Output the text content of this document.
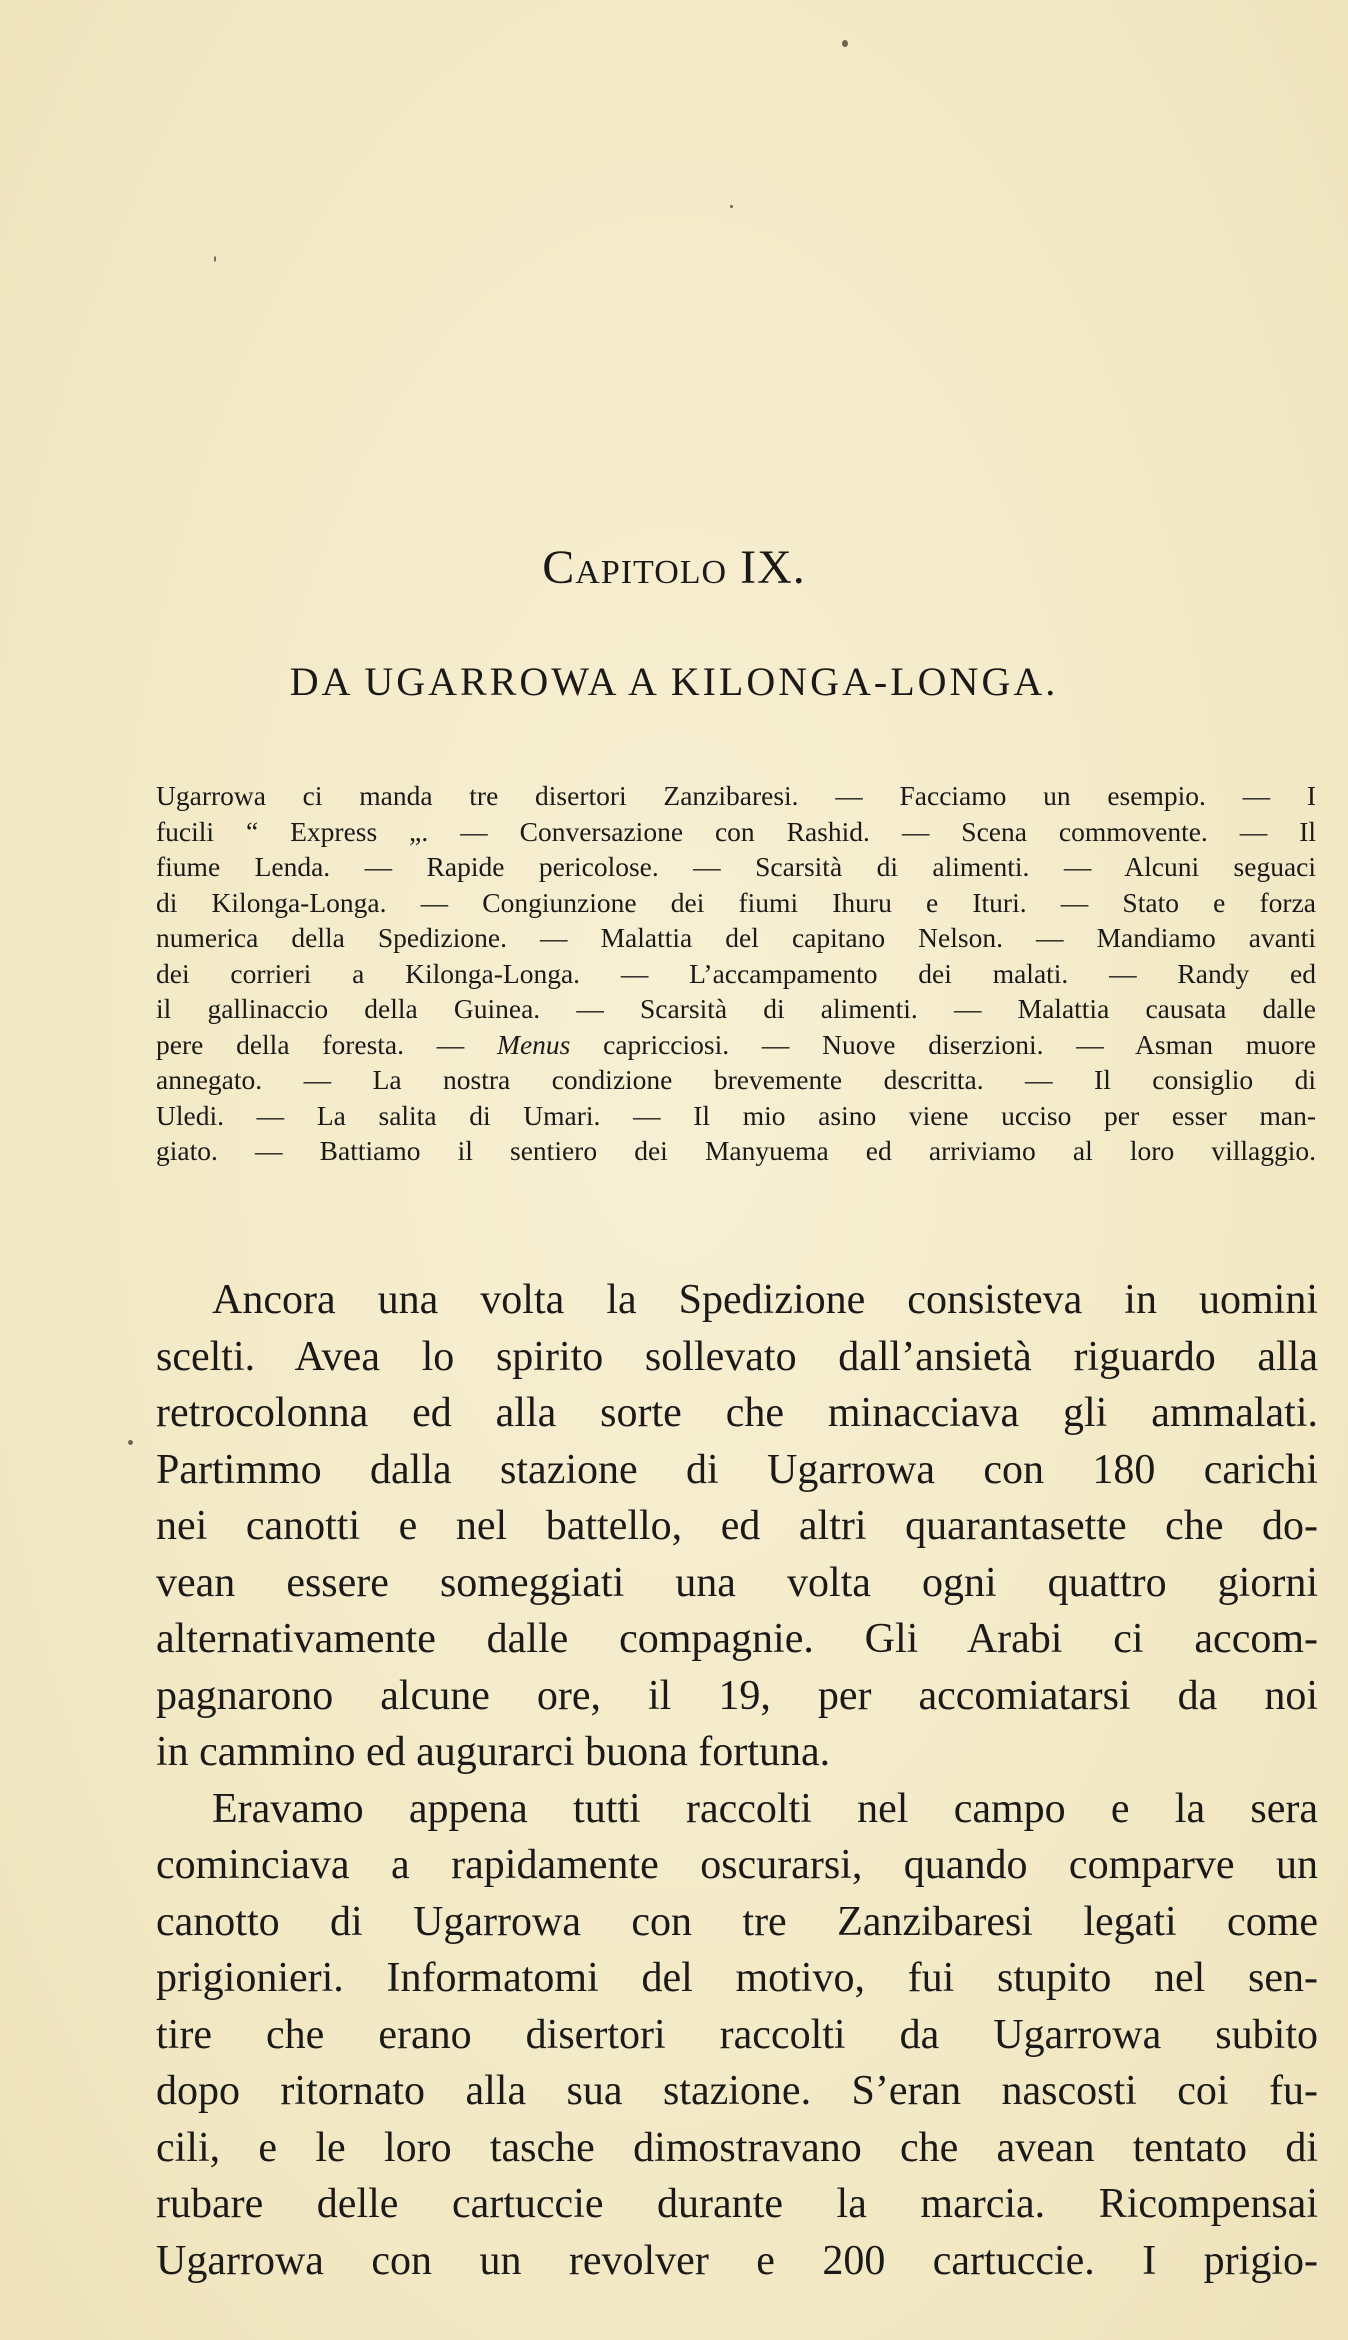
Capitolo IX.
DA UGARROWA A KILONGA-LONGA.
Ugarrowa ci manda tre disertori Zanzibaresi. — Facciamo un esempio. — I
fucili “ Express „. — Conversazione con Rashid. — Scena commovente. — Il
fiume Lenda. — Rapide pericolose. — Scarsità di alimenti. — Alcuni seguaci
di Kilonga-Longa. — Congiunzione dei fiumi Ihuru e Ituri. — Stato e forza
numerica della Spedizione. — Malattia del capitano Nelson. — Mandiamo avanti
dei corrieri a Kilonga-Longa. — L’accampamento dei malati. — Randy ed
il gallinaccio della Guinea. — Scarsità di alimenti. — Malattia causata dalle
pere della foresta. — Menus capricciosi. — Nuove diserzioni. — Asman muore
annegato. — La nostra condizione brevemente descritta. — Il consiglio di
Uledi. — La salita di Umari. — Il mio asino viene ucciso per esser man-
giato. — Battiamo il sentiero dei Manyuema ed arriviamo al loro villaggio.
Ancora una volta la Spedizione consisteva in uomini
scelti. Avea lo spirito sollevato dall’ansietà riguardo alla
retrocolonna ed alla sorte che minacciava gli ammalati.
Partimmo dalla stazione di Ugarrowa con 180 carichi
nei canotti e nel battello, ed altri quarantasette che do-
vean essere someggiati una volta ogni quattro giorni
alternativamente dalle compagnie. Gli Arabi ci accom-
pagnarono alcune ore, il 19, per accomiatarsi da noi
in cammino ed augurarci buona fortuna.
Eravamo appena tutti raccolti nel campo e la sera
cominciava a rapidamente oscurarsi, quando comparve un
canotto di Ugarrowa con tre Zanzibaresi legati come
prigionieri. Informatomi del motivo, fui stupito nel sen-
tire che erano disertori raccolti da Ugarrowa subito
dopo ritornato alla sua stazione. S’eran nascosti coi fu-
cili, e le loro tasche dimostravano che avean tentato di
rubare delle cartuccie durante la marcia. Ricompensai
Ugarrowa con un revolver e 200 cartuccie. I prigio-
